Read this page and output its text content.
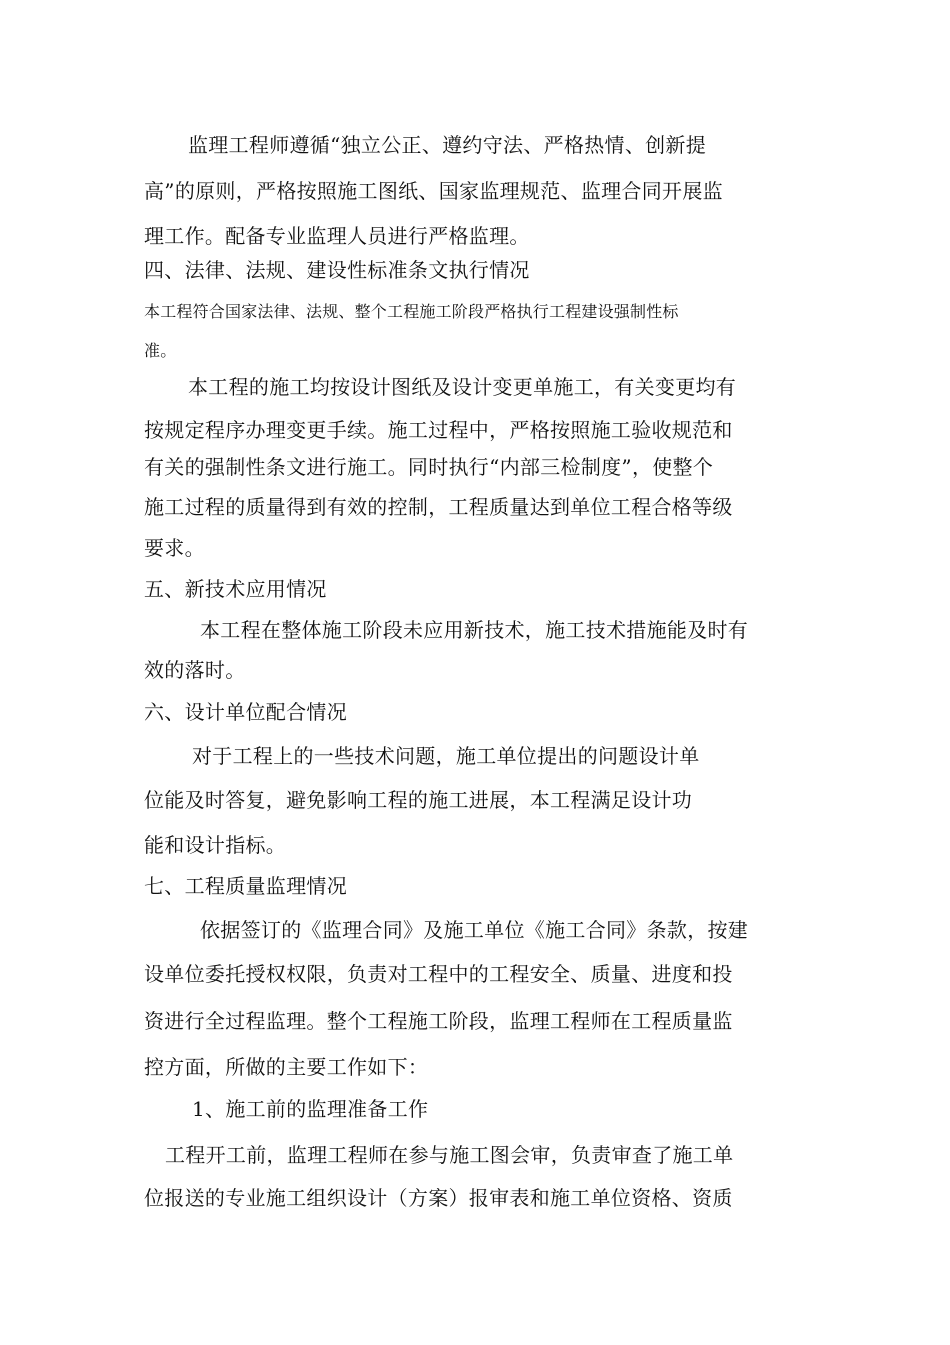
监理工程师遵循“独立公正、遵约守法、严格热情、创新提
高”的原则，严格按照施工图纸、国家监理规范、监理合同开展监
理工作。配备专业监理人员进行严格监理。
四、法律、法规、建设性标准条文执行情况
本工程符合国家法律、法规、整个工程施工阶段严格执行工程建设强制性标
准。
本工程的施工均按设计图纸及设计变更单施工，有关变更均有
按规定程序办理变更手续。施工过程中，严格按照施工验收规范和
有关的强制性条文进行施工。同时执行“内部三检制度”，使整个
施工过程的质量得到有效的控制，工程质量达到单位工程合格等级
要求。
五、新技术应用情况
本工程在整体施工阶段未应用新技术，施工技术措施能及时有
效的落时。
六、设计单位配合情况
对于工程上的一些技术问题，施工单位提出的问题设计单
位能及时答复，避免影响工程的施工进展，本工程满足设计功
能和设计指标。
七、工程质量监理情况
依据签订的《监理合同》及施工单位《施工合同》条款，按建
设单位委托授权权限，负责对工程中的工程安全、质量、进度和投
资进行全过程监理。整个工程施工阶段，监理工程师在工程质量监
控方面，所做的主要工作如下：
1、施工前的监理准备工作
工程开工前，监理工程师在参与施工图会审，负责审查了施工单
位报送的专业施工组织设计（方案）报审表和施工单位资格、资质
